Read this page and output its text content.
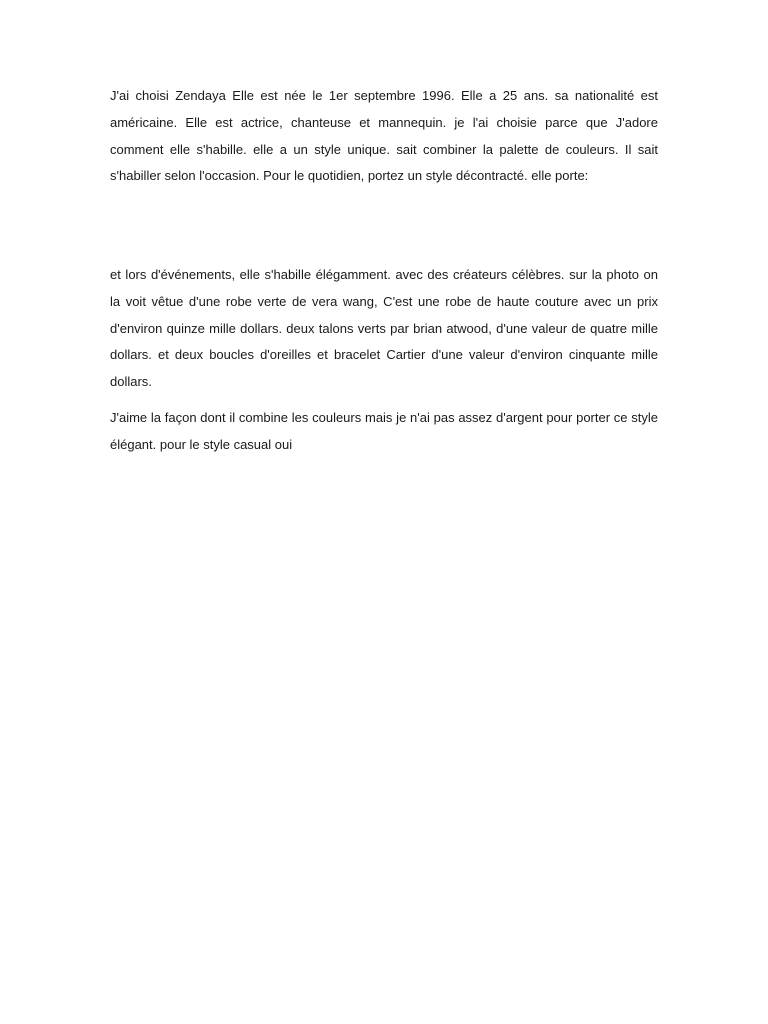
J'ai choisi Zendaya Elle est née le 1er septembre 1996. Elle a 25 ans. sa nationalité est américaine. Elle est actrice, chanteuse et mannequin. je l'ai choisie parce que J'adore comment elle s'habille. elle a un style unique. sait combiner la palette de couleurs. Il sait s'habiller selon l'occasion. Pour le quotidien, portez un style décontracté. elle porte:

et lors d'événements, elle s'habille élégamment. avec des créateurs célèbres. sur la photo on la voit vêtue d'une robe verte de vera wang, C'est une robe de haute couture avec un prix d'environ quinze mille dollars. deux talons verts par brian atwood, d'une valeur de quatre mille dollars. et deux boucles d'oreilles et bracelet Cartier d'une valeur d'environ cinquante mille dollars.

J'aime la façon dont il combine les couleurs mais je n'ai pas assez d'argent pour porter ce style élégant. pour le style casual oui
